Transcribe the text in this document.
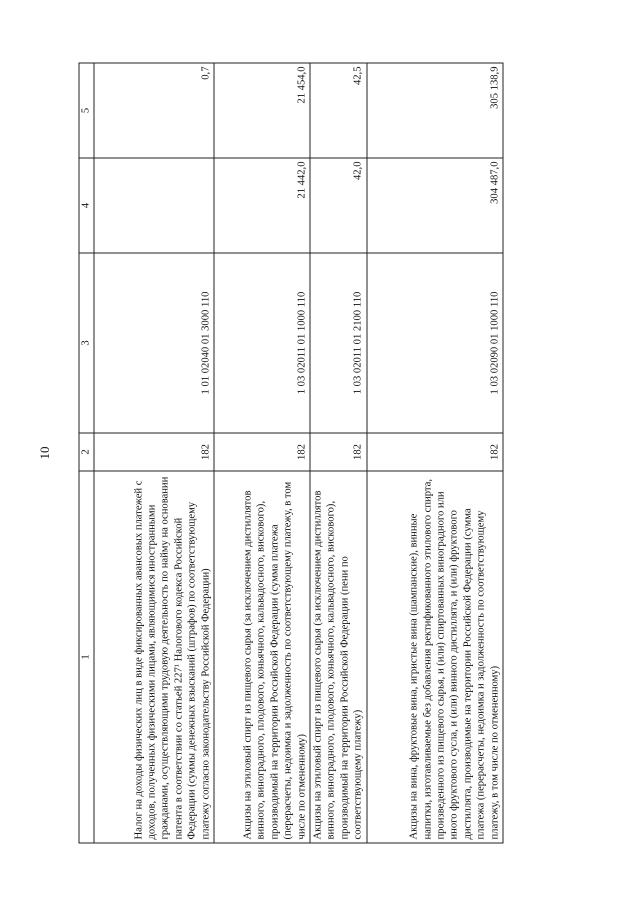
10
1	2	3	4	5
Налог на доходы физических лиц в виде фиксированных авансовых платежей с доходов, полученных физическими лицами, являющимися иностранными гражданами, осуществляющими трудовую деятельность по найму на основании патента в соответствии со статьей 227¹ Налогового кодекса Российской Федерации (суммы денежных взысканий (штрафов) по соответствующему платежу согласно законодательству Российской Федерации)	182	1 01 02040 01 3000 110		0,7
Акцизы на этиловый спирт из пищевого сырья (за исключением дистиллятов винного, виноградного, плодового, коньячного, кальвадосного, вискового), производимый на территории Российской Федерации (сумма платежа (перерасчеты, недоимка и задолженность по соответствующему платежу, в том числе по отмененному)	182	1 03 02011 01 1000 110	21 442,0	21 454,0
Акцизы на этиловый спирт из пищевого сырья (за исключением дистиллятов винного, виноградного, плодового, коньячного, кальвадосного, вискового), производимый на территории Российской Федерации (пени по соответствующему платежу)	182	1 03 02011 01 2100 110	42,0	42,5
Акцизы на вина, фруктовые вина, игристые вина (шампанские), винные напитки, изготавливаемые без добавления ректификованного этилового спирта, произведенного из пищевого сырья, и (или) спиртованных виноградного или иного фруктового сусла, и (или) винного дистиллята, и (или) фруктового дистиллята, производимые на территории Российской Федерации (сумма платежа (перерасчеты, недоимка и задолженность по соответствующему платежу, в том числе по отмененному)	182	1 03 02090 01 1000 110	304 487,0	305 138,9
